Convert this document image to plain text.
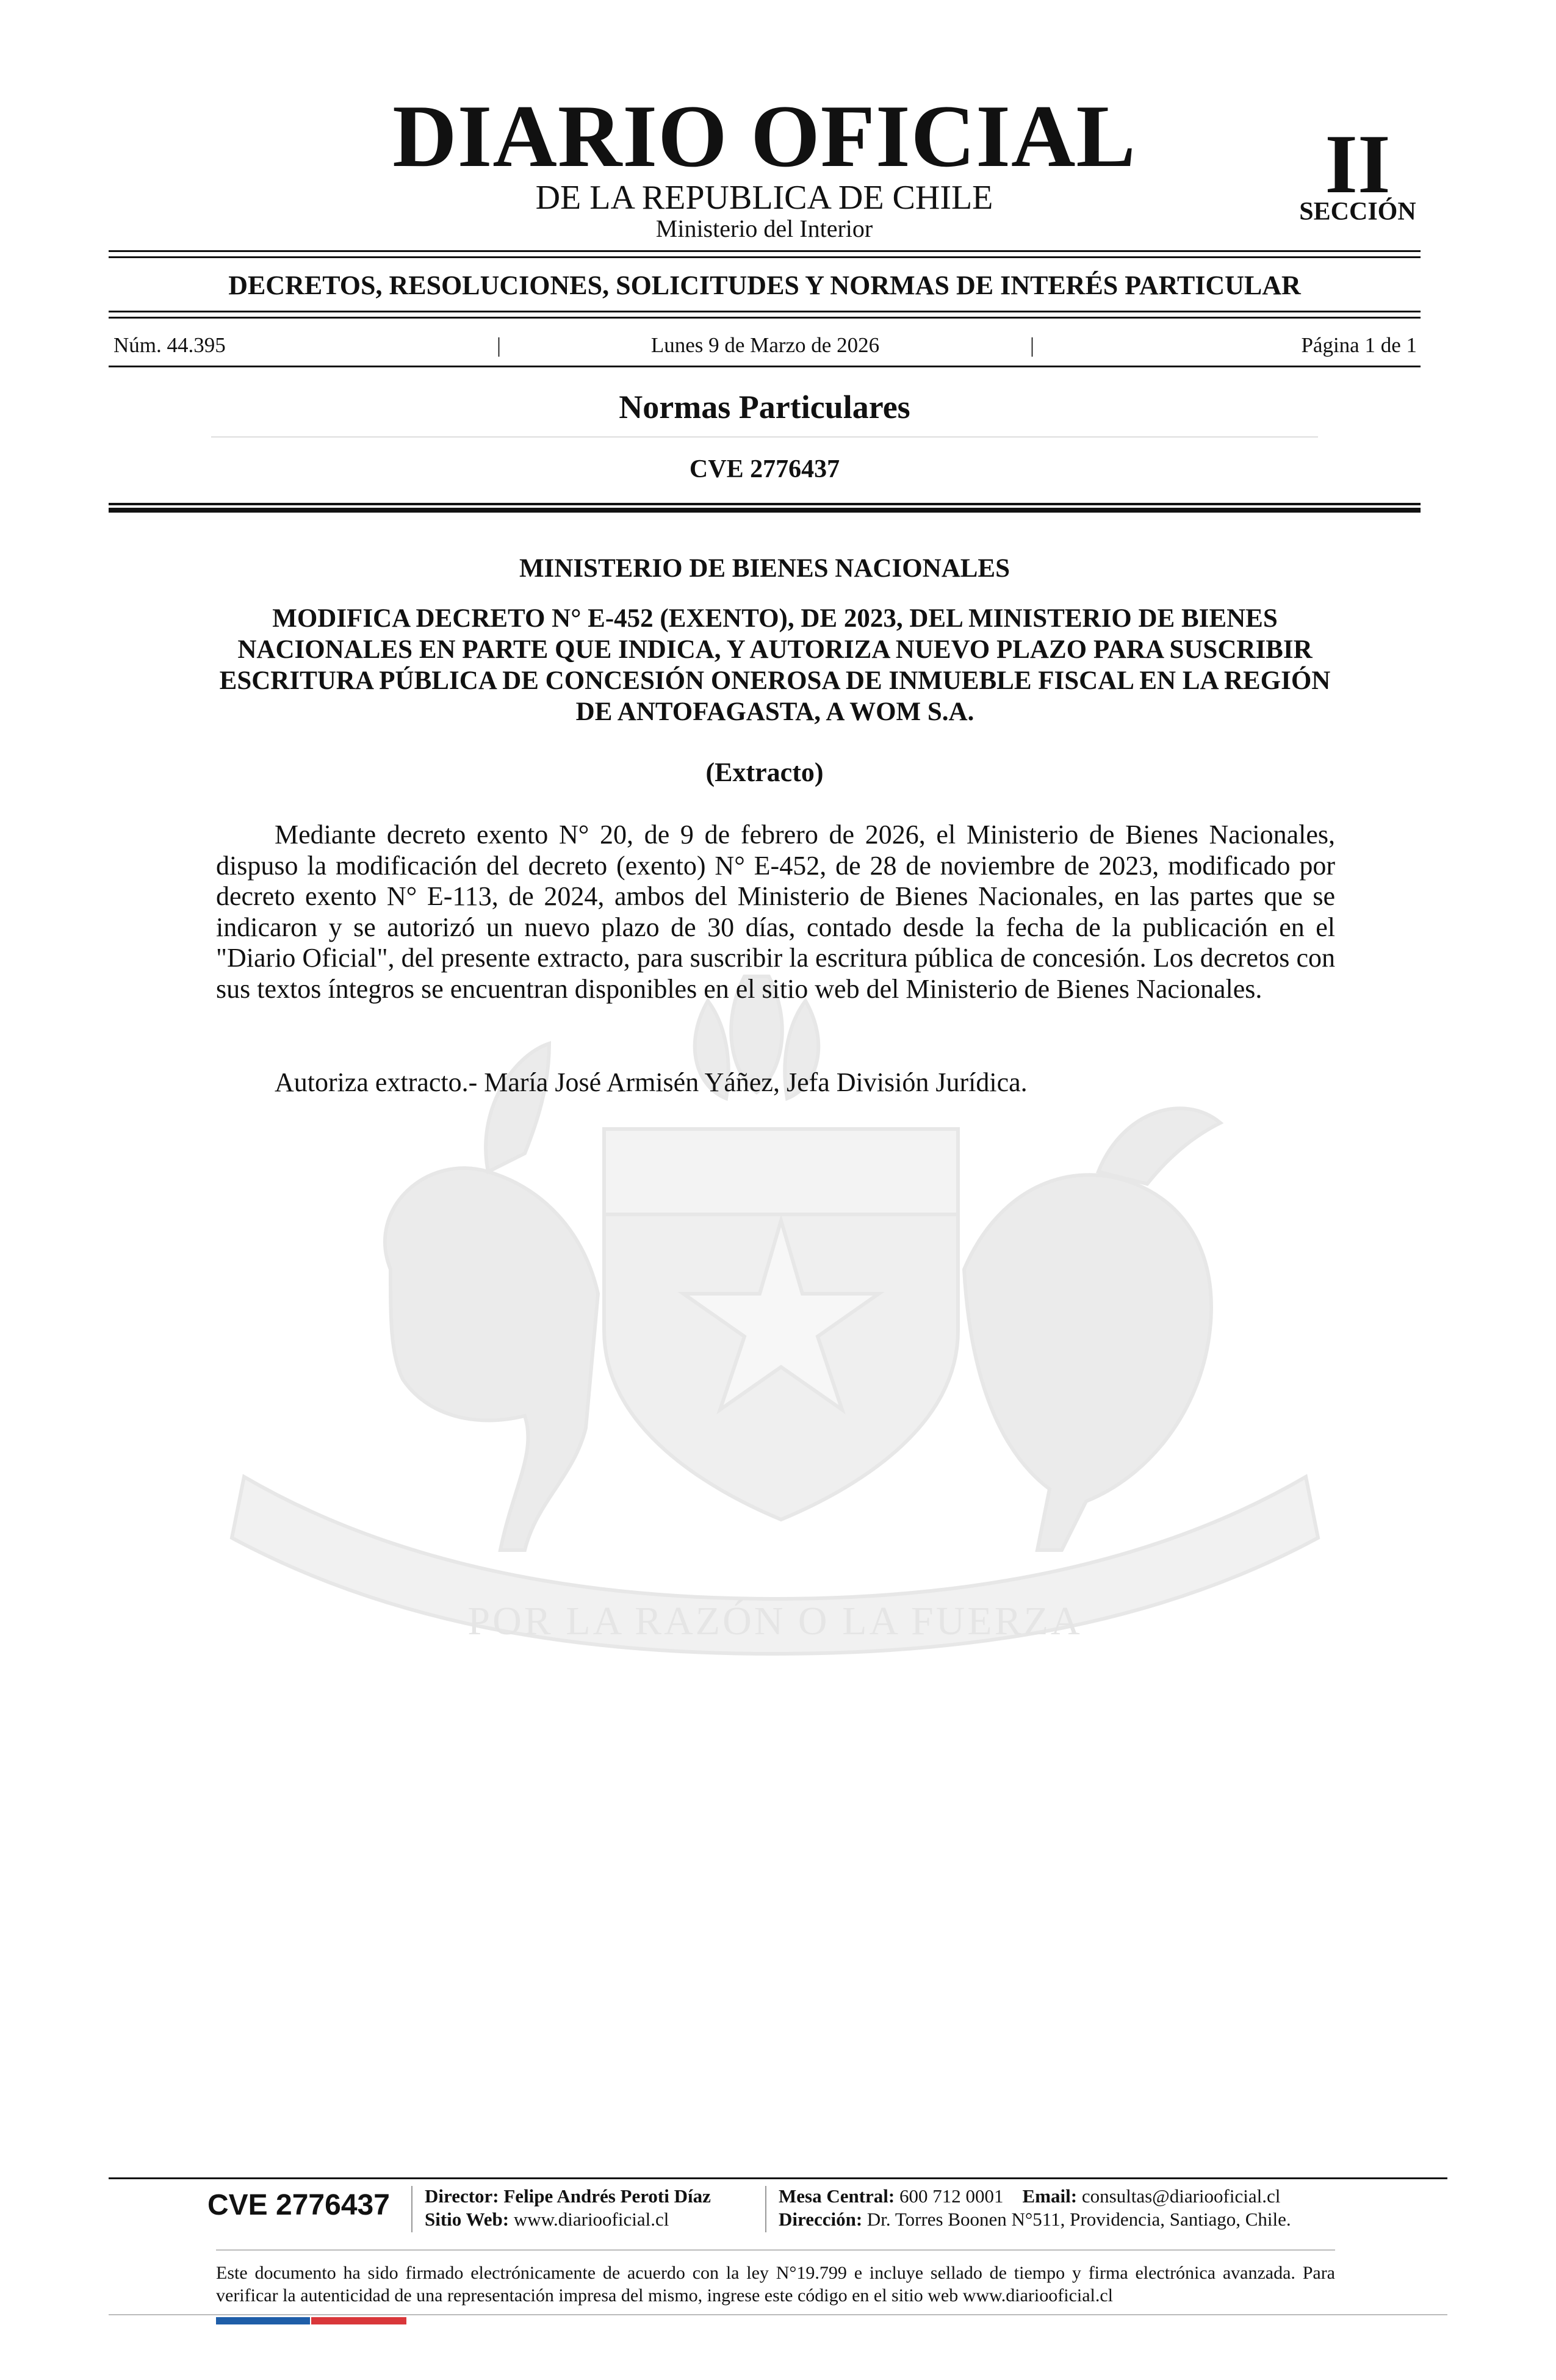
POR LA RAZÓN O LA FUERZA
DIARIO OFICIAL
DE LA REPUBLICA DE CHILE
Ministerio del Interior
II
SECCIÓN
DECRETOS, RESOLUCIONES, SOLICITUDES Y NORMAS DE INTERÉS PARTICULAR
Núm. 44.395	|	Lunes 9 de Marzo de 2026	|	Página 1 de 1
Normas Particulares
CVE 2776437
MINISTERIO DE BIENES NACIONALES
MODIFICA DECRETO N° E-452 (EXENTO), DE 2023, DEL MINISTERIO DE BIENES NACIONALES EN PARTE QUE INDICA, Y AUTORIZA NUEVO PLAZO PARA SUSCRIBIR ESCRITURA PÚBLICA DE CONCESIÓN ONEROSA DE INMUEBLE FISCAL EN LA REGIÓN DE ANTOFAGASTA, A WOM S.A.
(Extracto)

Mediante decreto exento N° 20, de 9 de febrero de 2026, el Ministerio de Bienes Nacionales, dispuso la modificación del decreto (exento) N° E-452, de 28 de noviembre de 2023, modificado por decreto exento N° E-113, de 2024, ambos del Ministerio de Bienes Nacionales, en las partes que se indicaron y se autorizó un nuevo plazo de 30 días, contado desde la fecha de la publicación en el "Diario Oficial", del presente extracto, para suscribir la escritura pública de concesión. Los decretos con sus textos íntegros se encuentran disponibles en el sitio web del Ministerio de Bienes Nacionales.

Autoriza extracto.- María José Armisén Yáñez, Jefa División Jurídica.
CVE 2776437	Director: Felipe Andrés Peroti Díaz
Sitio Web: www.diariooficial.cl
Mesa Central: 600 712 0001 Email: consultas@diariooficial.cl
Dirección: Dr. Torres Boonen N°511, Providencia, Santiago, Chile.
Este documento ha sido firmado electrónicamente de acuerdo con la ley N°19.799 e incluye sellado de tiempo y firma electrónica avanzada. Para verificar la autenticidad de una representación impresa del mismo, ingrese este código en el sitio web www.diariooficial.cl
